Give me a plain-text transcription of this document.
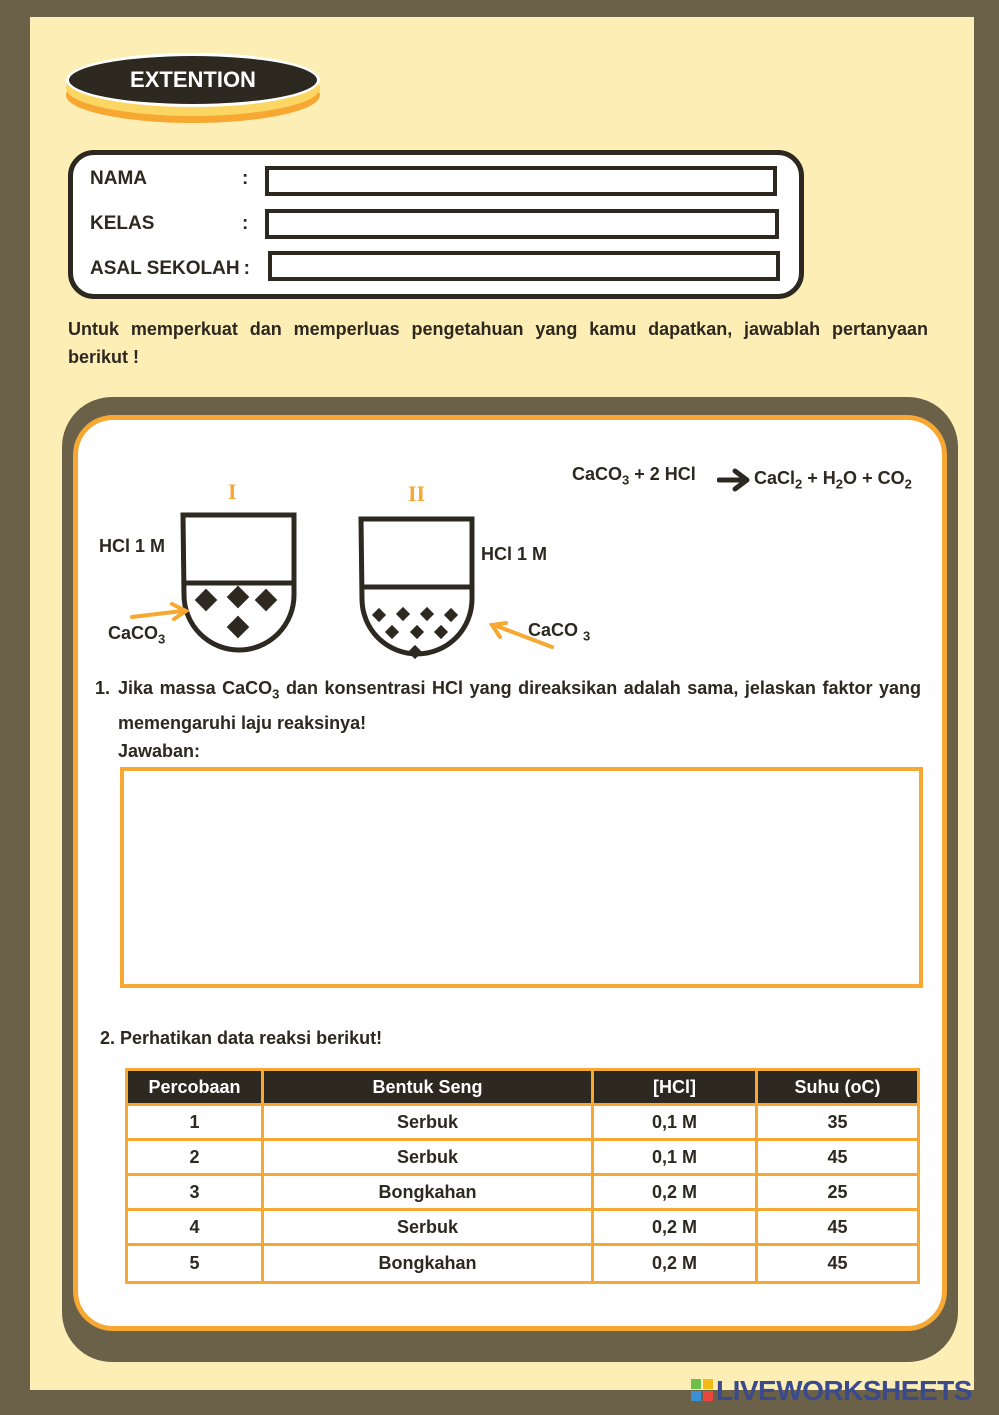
EXTENTION
NAMA	:
KELAS	:
ASAL SEKOLAH :
Untuk memperkuat dan memperluas pengetahuan yang kamu dapatkan, jawablah pertanyaan berikut !
CaCO$_3$ + 2 HCl → CaCl$_2$ + $H_2O + CO_2$
I	II
HCl 1 M	HCl 1 M
CaCO$_3$	CaCO $_3$
1. Jika massa CaCO$_3$ dan konsentrasi HCl yang direaksikan adalah sama, jelaskan faktor yang memengaruhi laju reaksinya!
Jawaban:
2. Perhatikan data reaksi berikut!
Percobaan	Bentuk Seng	[HCl]	Suhu (oC)
1	Serbuk	0,1 M	35
2	Serbuk	0,1 M	45
3	Bongkahan	0,2 M	25
4	Serbuk	0,2 M	45
5	Bongkahan	0,2 M	45
LIVEWORKSHEETS
